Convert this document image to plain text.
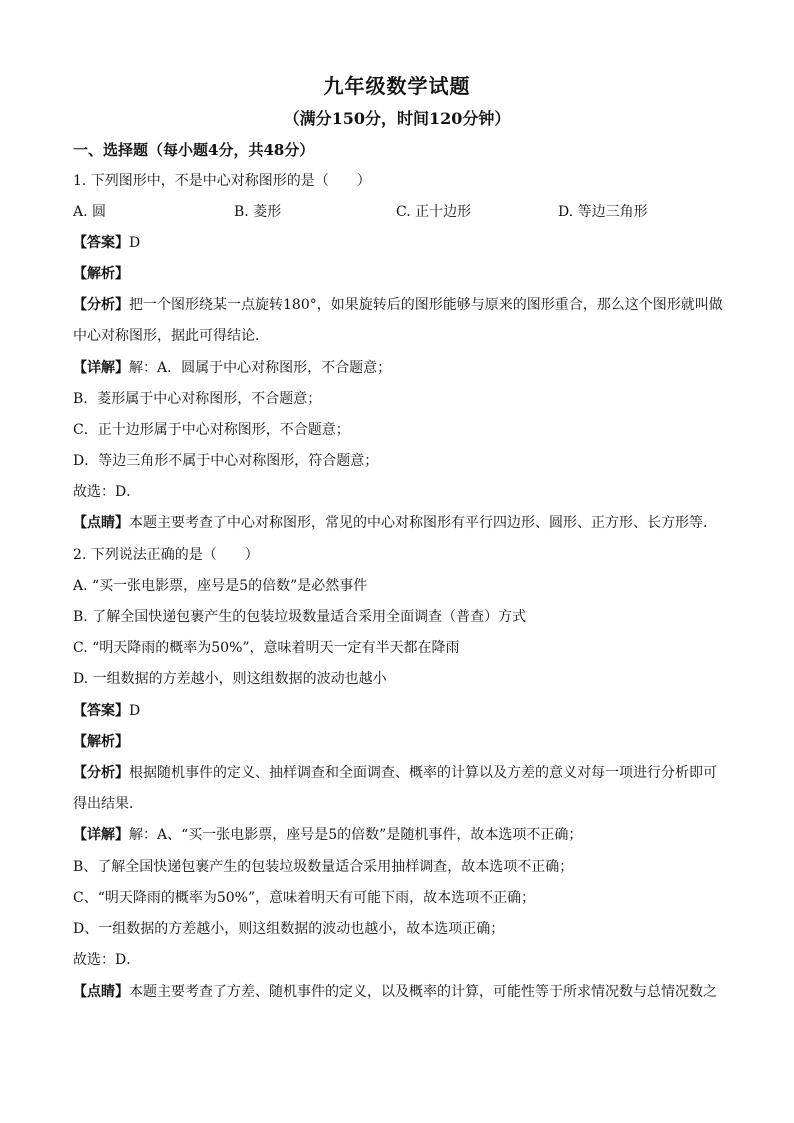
九年级数学试题
（满分150分，时间120分钟）
一、选择题（每小题4分，共48分）
1. 下列图形中，不是中心对称图形的是（　　）
A. 圆	B. 菱形	C. 正十边形	D. 等边三角形
【答案】D
【解析】
【分析】把一个图形绕某一点旋转180°，如果旋转后的图形能够与原来的图形重合，那么这个图形就叫做
中心对称图形，据此可得结论．
【详解】解：A．圆属于中心对称图形，不合题意；
B．菱形属于中心对称图形，不合题意；
C．正十边形属于中心对称图形，不合题意；
D．等边三角形不属于中心对称图形，符合题意；
故选：D．
【点睛】本题主要考查了中心对称图形，常见的中心对称图形有平行四边形、圆形、正方形、长方形等．
2. 下列说法正确的是（　　）
A. “买一张电影票，座号是5的倍数”是必然事件
B. 了解全国快递包裹产生的包装垃圾数量适合采用全面调查（普查）方式
C. “明天降雨的概率为50%”，意味着明天一定有半天都在降雨
D. 一组数据的方差越小，则这组数据的波动也越小
【答案】D
【解析】
【分析】根据随机事件的定义、抽样调查和全面调查、概率的计算以及方差的意义对每一项进行分析即可
得出结果．
【详解】解：A、“买一张电影票，座号是5的倍数”是随机事件，故本选项不正确；
B、了解全国快递包裹产生的包装垃圾数量适合采用抽样调查，故本选项不正确；
C、“明天降雨的概率为50%”，意味着明天有可能下雨，故本选项不正确；
D、一组数据的方差越小，则这组数据的波动也越小，故本选项正确；
故选：D．
【点睛】本题主要考查了方差、随机事件的定义，以及概率的计算，可能性等于所求情况数与总情况数之
